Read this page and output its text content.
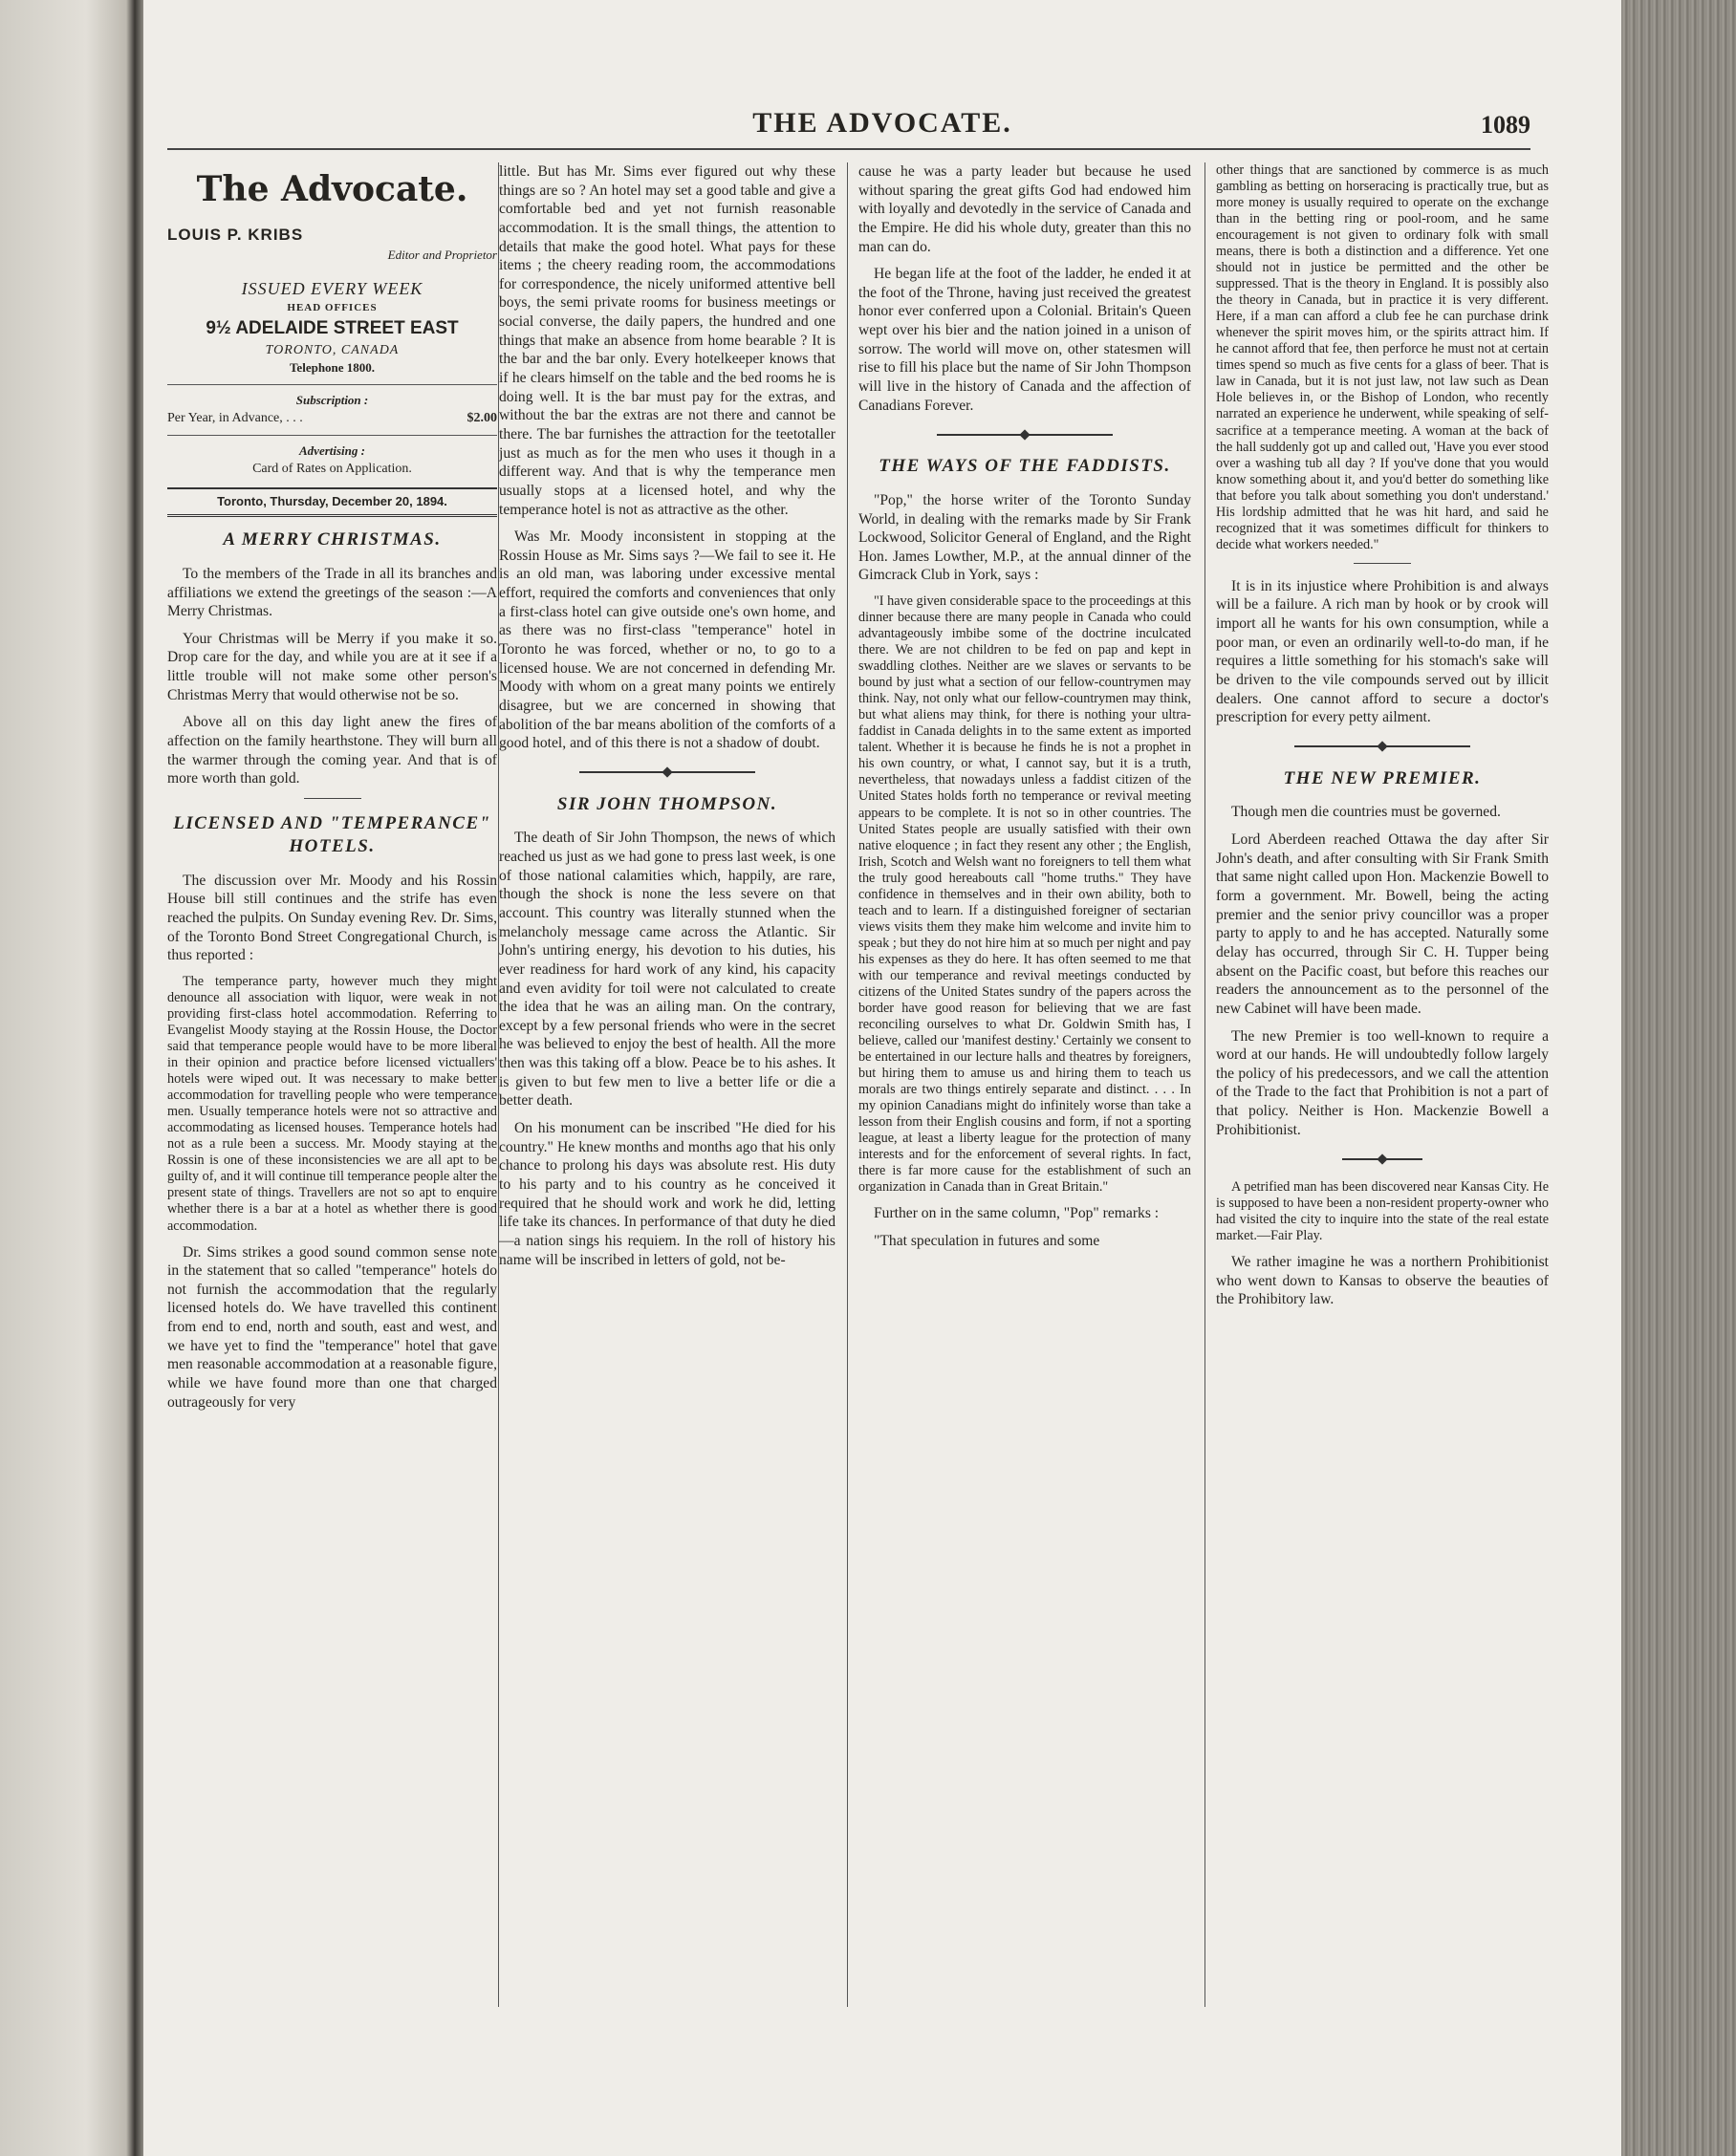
THE ADVOCATE.	1089
The Advocate.
LOUIS P. KRIBS
Editor and Proprietor
ISSUED EVERY WEEK
HEAD OFFICES
9½ ADELAIDE STREET EAST
TORONTO, CANADA
Telephone 1800.
Subscription :
Per Year, in Advance, . . .	$2.00
Advertising :
Card of Rates on Application.
Toronto, Thursday, December 20, 1894.
A MERRY CHRISTMAS.

To the members of the Trade in all its branches and affiliations we extend the greetings of the season :—A Merry Christmas.

Your Christmas will be Merry if you make it so. Drop care for the day, and while you are at it see if a little trouble will not make some other person's Christmas Merry that would otherwise not be so.

Above all on this day light anew the fires of affection on the family hearthstone. They will burn all the warmer through the coming year. And that is of more worth than gold.

LICENSED AND "TEMPERANCE" HOTELS.

The discussion over Mr. Moody and his Rossin House bill still continues and the strife has even reached the pulpits. On Sunday evening Rev. Dr. Sims, of the Toronto Bond Street Congregational Church, is thus reported :

The temperance party, however much they might denounce all association with liquor, were weak in not providing first-class hotel accommodation. Referring to Evangelist Moody staying at the Rossin House, the Doctor said that temperance people would have to be more liberal in their opinion and practice before licensed victuallers' hotels were wiped out. It was necessary to make better accommodation for travelling people who were temperance men. Usually temperance hotels were not so attractive and accommodating as licensed houses. Temperance hotels had not as a rule been a success. Mr. Moody staying at the Rossin is one of these inconsistencies we are all apt to be guilty of, and it will continue till temperance people alter the present state of things. Travellers are not so apt to enquire whether there is a bar at a hotel as whether there is good accommodation.

Dr. Sims strikes a good sound common sense note in the statement that so called "temperance" hotels do not furnish the accommodation that the regularly licensed hotels do. We have travelled this continent from end to end, north and south, east and west, and we have yet to find the "temperance" hotel that gave men reasonable accommodation at a reasonable figure, while we have found more than one that charged outrageously for very

little. But has Mr. Sims ever figured out why these things are so ? An hotel may set a good table and give a comfortable bed and yet not furnish reasonable accommodation. It is the small things, the attention to details that make the good hotel. What pays for these items ; the cheery reading room, the accommodations for correspondence, the nicely uniformed attentive bell boys, the semi private rooms for business meetings or social converse, the daily papers, the hundred and one things that make an absence from home bearable ? It is the bar and the bar only. Every hotelkeeper knows that if he clears himself on the table and the bed rooms he is doing well. It is the bar must pay for the extras, and without the bar the extras are not there and cannot be there. The bar furnishes the attraction for the teetotaller just as much as for the men who uses it though in a different way. And that is why the temperance men usually stops at a licensed hotel, and why the temperance hotel is not as attractive as the other.

Was Mr. Moody inconsistent in stopping at the Rossin House as Mr. Sims says ?—We fail to see it. He is an old man, was laboring under excessive mental effort, required the comforts and conveniences that only a first-class hotel can give outside one's own home, and as there was no first-class "temperance" hotel in Toronto he was forced, whether or no, to go to a licensed house. We are not concerned in defending Mr. Moody with whom on a great many points we entirely disagree, but we are concerned in showing that abolition of the bar means abolition of the comforts of a good hotel, and of this there is not a shadow of doubt.

SIR JOHN THOMPSON.

The death of Sir John Thompson, the news of which reached us just as we had gone to press last week, is one of those national calamities which, happily, are rare, though the shock is none the less severe on that account. This country was literally stunned when the melancholy message came across the Atlantic. Sir John's untiring energy, his devotion to his duties, his ever readiness for hard work of any kind, his capacity and even avidity for toil were not calculated to create the idea that he was an ailing man. On the contrary, except by a few personal friends who were in the secret he was believed to enjoy the best of health. All the more then was this taking off a blow. Peace be to his ashes. It is given to but few men to live a better life or die a better death.

On his monument can be inscribed "He died for his country." He knew months and months ago that his only chance to prolong his days was absolute rest. His duty to his party and to his country as he conceived it required that he should work and work he did, letting life take its chances. In performance of that duty he died—a nation sings his requiem. In the roll of history his name will be inscribed in letters of gold, not be-

cause he was a party leader but because he used without sparing the great gifts God had endowed him with loyally and devotedly in the service of Canada and the Empire. He did his whole duty, greater than this no man can do.

He began life at the foot of the ladder, he ended it at the foot of the Throne, having just received the greatest honor ever conferred upon a Colonial. Britain's Queen wept over his bier and the nation joined in a unison of sorrow. The world will move on, other statesmen will rise to fill his place but the name of Sir John Thompson will live in the history of Canada and the affection of Canadians Forever.

THE WAYS OF THE FADDISTS.

"Pop," the horse writer of the Toronto Sunday World, in dealing with the remarks made by Sir Frank Lockwood, Solicitor General of England, and the Right Hon. James Lowther, M.P., at the annual dinner of the Gimcrack Club in York, says :

"I have given considerable space to the proceedings at this dinner because there are many people in Canada who could advantageously imbibe some of the doctrine inculcated there. We are not children to be fed on pap and kept in swaddling clothes. Neither are we slaves or servants to be bound by just what a section of our fellow-countrymen may think. Nay, not only what our fellow-countrymen may think, but what aliens may think, for there is nothing your ultra-faddist in Canada delights in to the same extent as imported talent. Whether it is because he finds he is not a prophet in his own country, or what, I cannot say, but it is a truth, nevertheless, that nowadays unless a faddist citizen of the United States holds forth no temperance or revival meeting appears to be complete. It is not so in other countries. The United States people are usually satisfied with their own native eloquence ; in fact they resent any other ; the English, Irish, Scotch and Welsh want no foreigners to tell them what the truly good hereabouts call "home truths." They have confidence in themselves and in their own ability, both to teach and to learn. If a distinguished foreigner of sectarian views visits them they make him welcome and invite him to speak ; but they do not hire him at so much per night and pay his expenses as they do here. It has often seemed to me that with our temperance and revival meetings conducted by citizens of the United States sundry of the papers across the border have good reason for believing that we are fast reconciling ourselves to what Dr. Goldwin Smith has, I believe, called our 'manifest destiny.' Certainly we consent to be entertained in our lecture halls and theatres by foreigners, but hiring them to amuse us and hiring them to teach us morals are two things entirely separate and distinct. . . . In my opinion Canadians might do infinitely worse than take a lesson from their English cousins and form, if not a sporting league, at least a liberty league for the protection of many interests and for the enforcement of several rights. In fact, there is far more cause for the establishment of such an organization in Canada than in Great Britain."

Further on in the same column, "Pop" remarks :

"That speculation in futures and some

other things that are sanctioned by commerce is as much gambling as betting on horseracing is practically true, but as more money is usually required to operate on the exchange than in the betting ring or pool-room, and he same encouragement is not given to ordinary folk with small means, there is both a distinction and a difference. Yet one should not in justice be permitted and the other be suppressed. That is the theory in England. It is possibly also the theory in Canada, but in practice it is very different. Here, if a man can afford a club fee he can purchase drink whenever the spirit moves him, or the spirits attract him. If he cannot afford that fee, then perforce he must not at certain times spend so much as five cents for a glass of beer. That is law in Canada, but it is not just law, not law such as Dean Hole believes in, or the Bishop of London, who recently narrated an experience he underwent, while speaking of self-sacrifice at a temperance meeting. A woman at the back of the hall suddenly got up and called out, 'Have you ever stood over a washing tub all day ? If you've done that you would know something about it, and you'd better do something like that before you talk about something you don't understand.' His lordship admitted that he was hit hard, and said he recognized that it was sometimes difficult for thinkers to decide what workers needed."

It is in its injustice where Prohibition is and always will be a failure. A rich man by hook or by crook will import all he wants for his own consumption, while a poor man, or even an ordinarily well-to-do man, if he requires a little something for his stomach's sake will be driven to the vile compounds served out by illicit dealers. One cannot afford to secure a doctor's prescription for every petty ailment.

THE NEW PREMIER.

Though men die countries must be governed.

Lord Aberdeen reached Ottawa the day after Sir John's death, and after consulting with Sir Frank Smith that same night called upon Hon. Mackenzie Bowell to form a government. Mr. Bowell, being the acting premier and the senior privy councillor was a proper party to apply to and he has accepted. Naturally some delay has occurred, through Sir C. H. Tupper being absent on the Pacific coast, but before this reaches our readers the announcement as to the personnel of the new Cabinet will have been made.

The new Premier is too well-known to require a word at our hands. He will undoubtedly follow largely the policy of his predecessors, and we call the attention of the Trade to the fact that Prohibition is not a part of that policy. Neither is Hon. Mackenzie Bowell a Prohibitionist.

A petrified man has been discovered near Kansas City. He is supposed to have been a non-resident property-owner who had visited the city to inquire into the state of the real estate market.—Fair Play.

We rather imagine he was a northern Prohibitionist who went down to Kansas to observe the beauties of the Prohibitory law.
